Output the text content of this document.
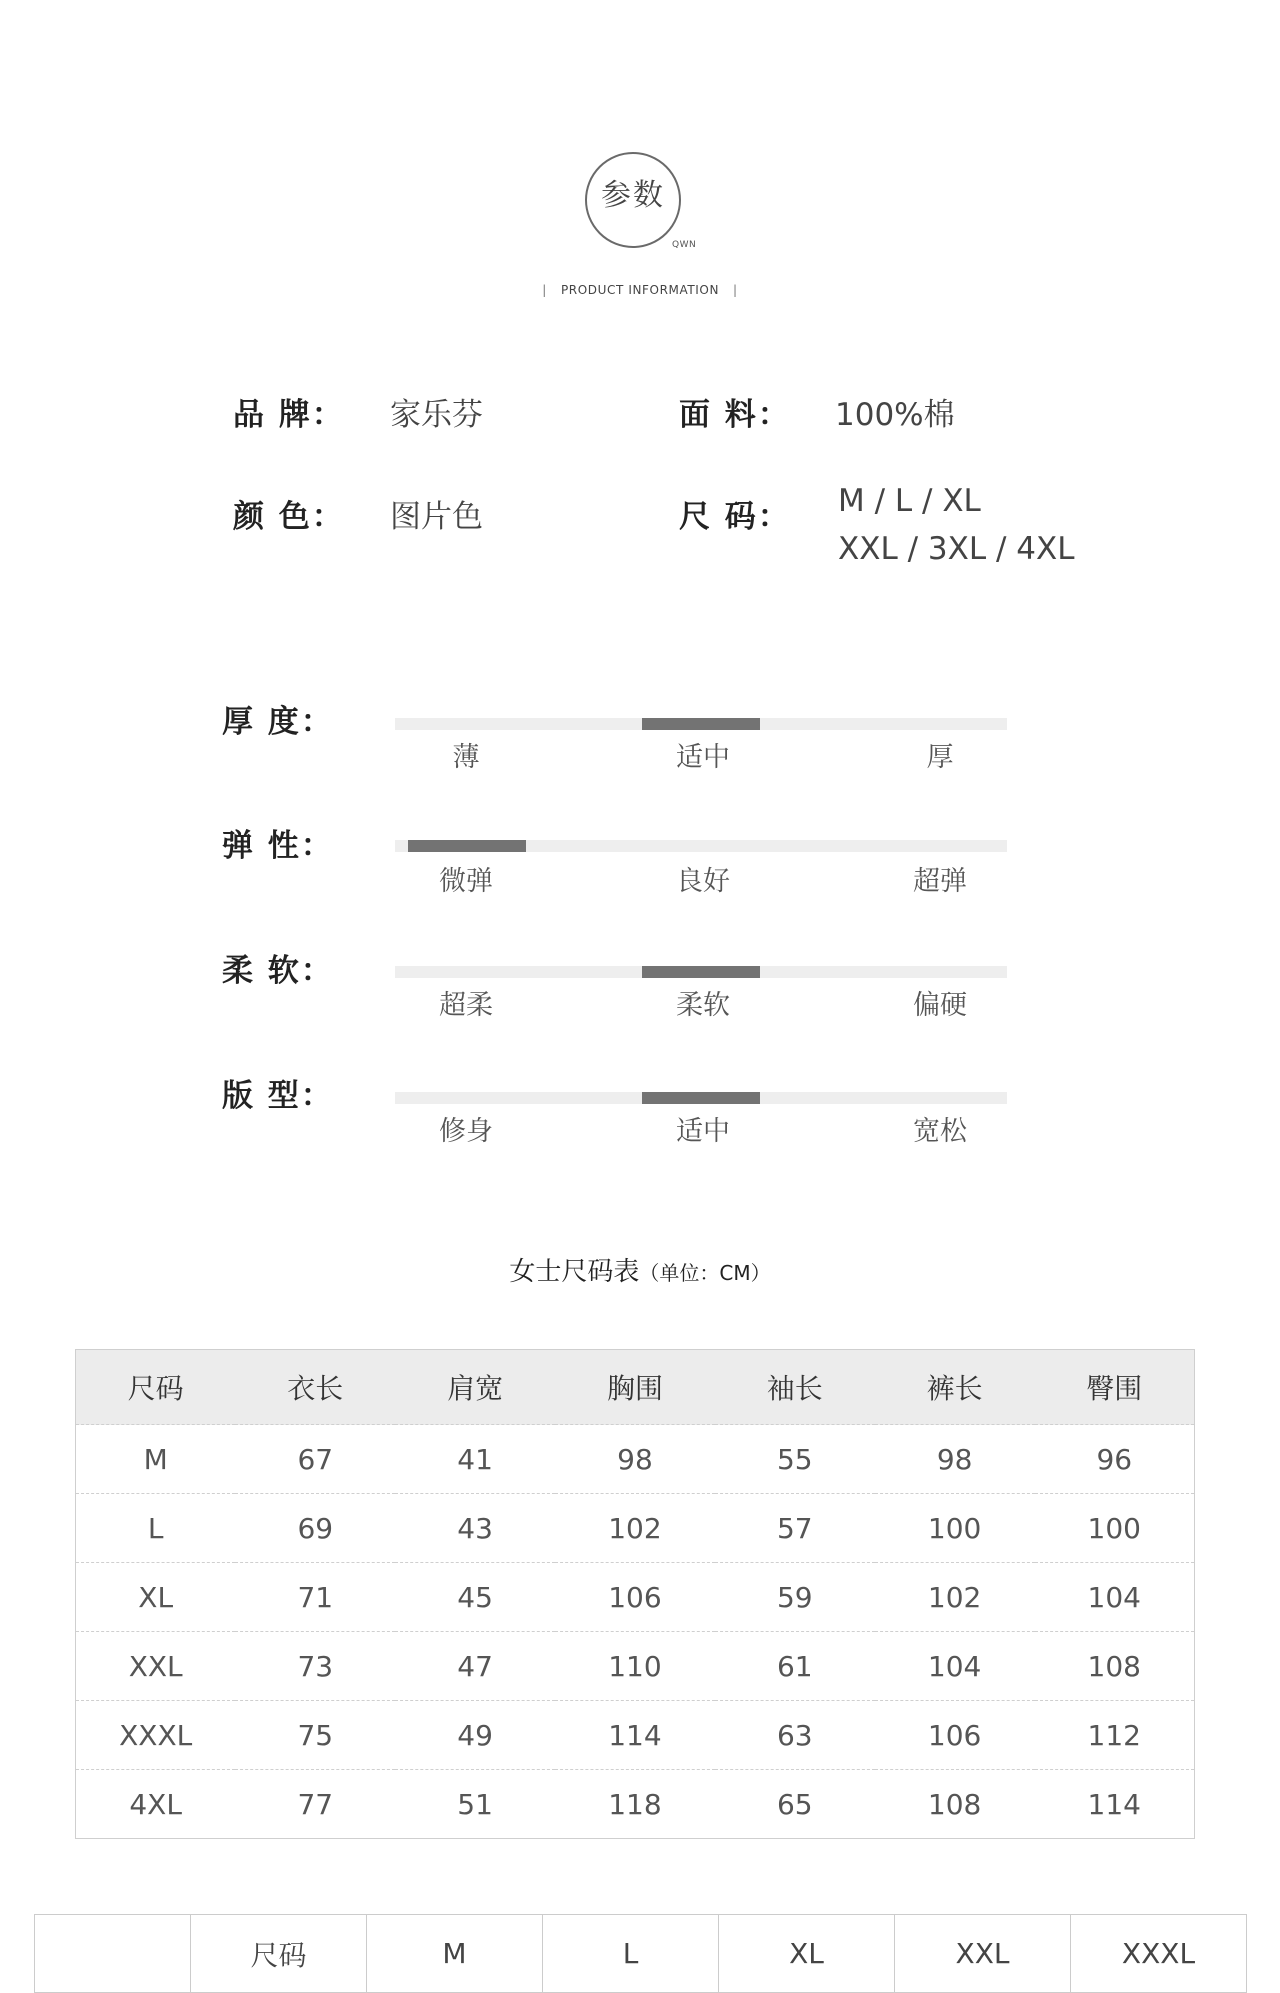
参数
QWN
| PRODUCT INFORMATION |
品 牌： 家乐芬	面 料： 100%棉
颜 色： 图片色	尺 码： M / L / XL
XXL / 3XL / 4XL
厚 度：
薄	适中	厚
弹 性：
微弹	良好	超弹
柔 软：
超柔	柔软	偏硬
版 型：
修身	适中	宽松
女士尺码表（单位：CM）
尺码	衣长	肩宽	胸围	袖长	裤长	臀围
M	67	41	98	55	98	96
L	69	43	102	57	100	100
XL	71	45	106	59	102	104
XXL	73	47	110	61	104	108
XXXL	75	49	114	63	106	112
4XL	77	51	118	65	108	114
	尺码	M	L	XL	XXL	XXXL
